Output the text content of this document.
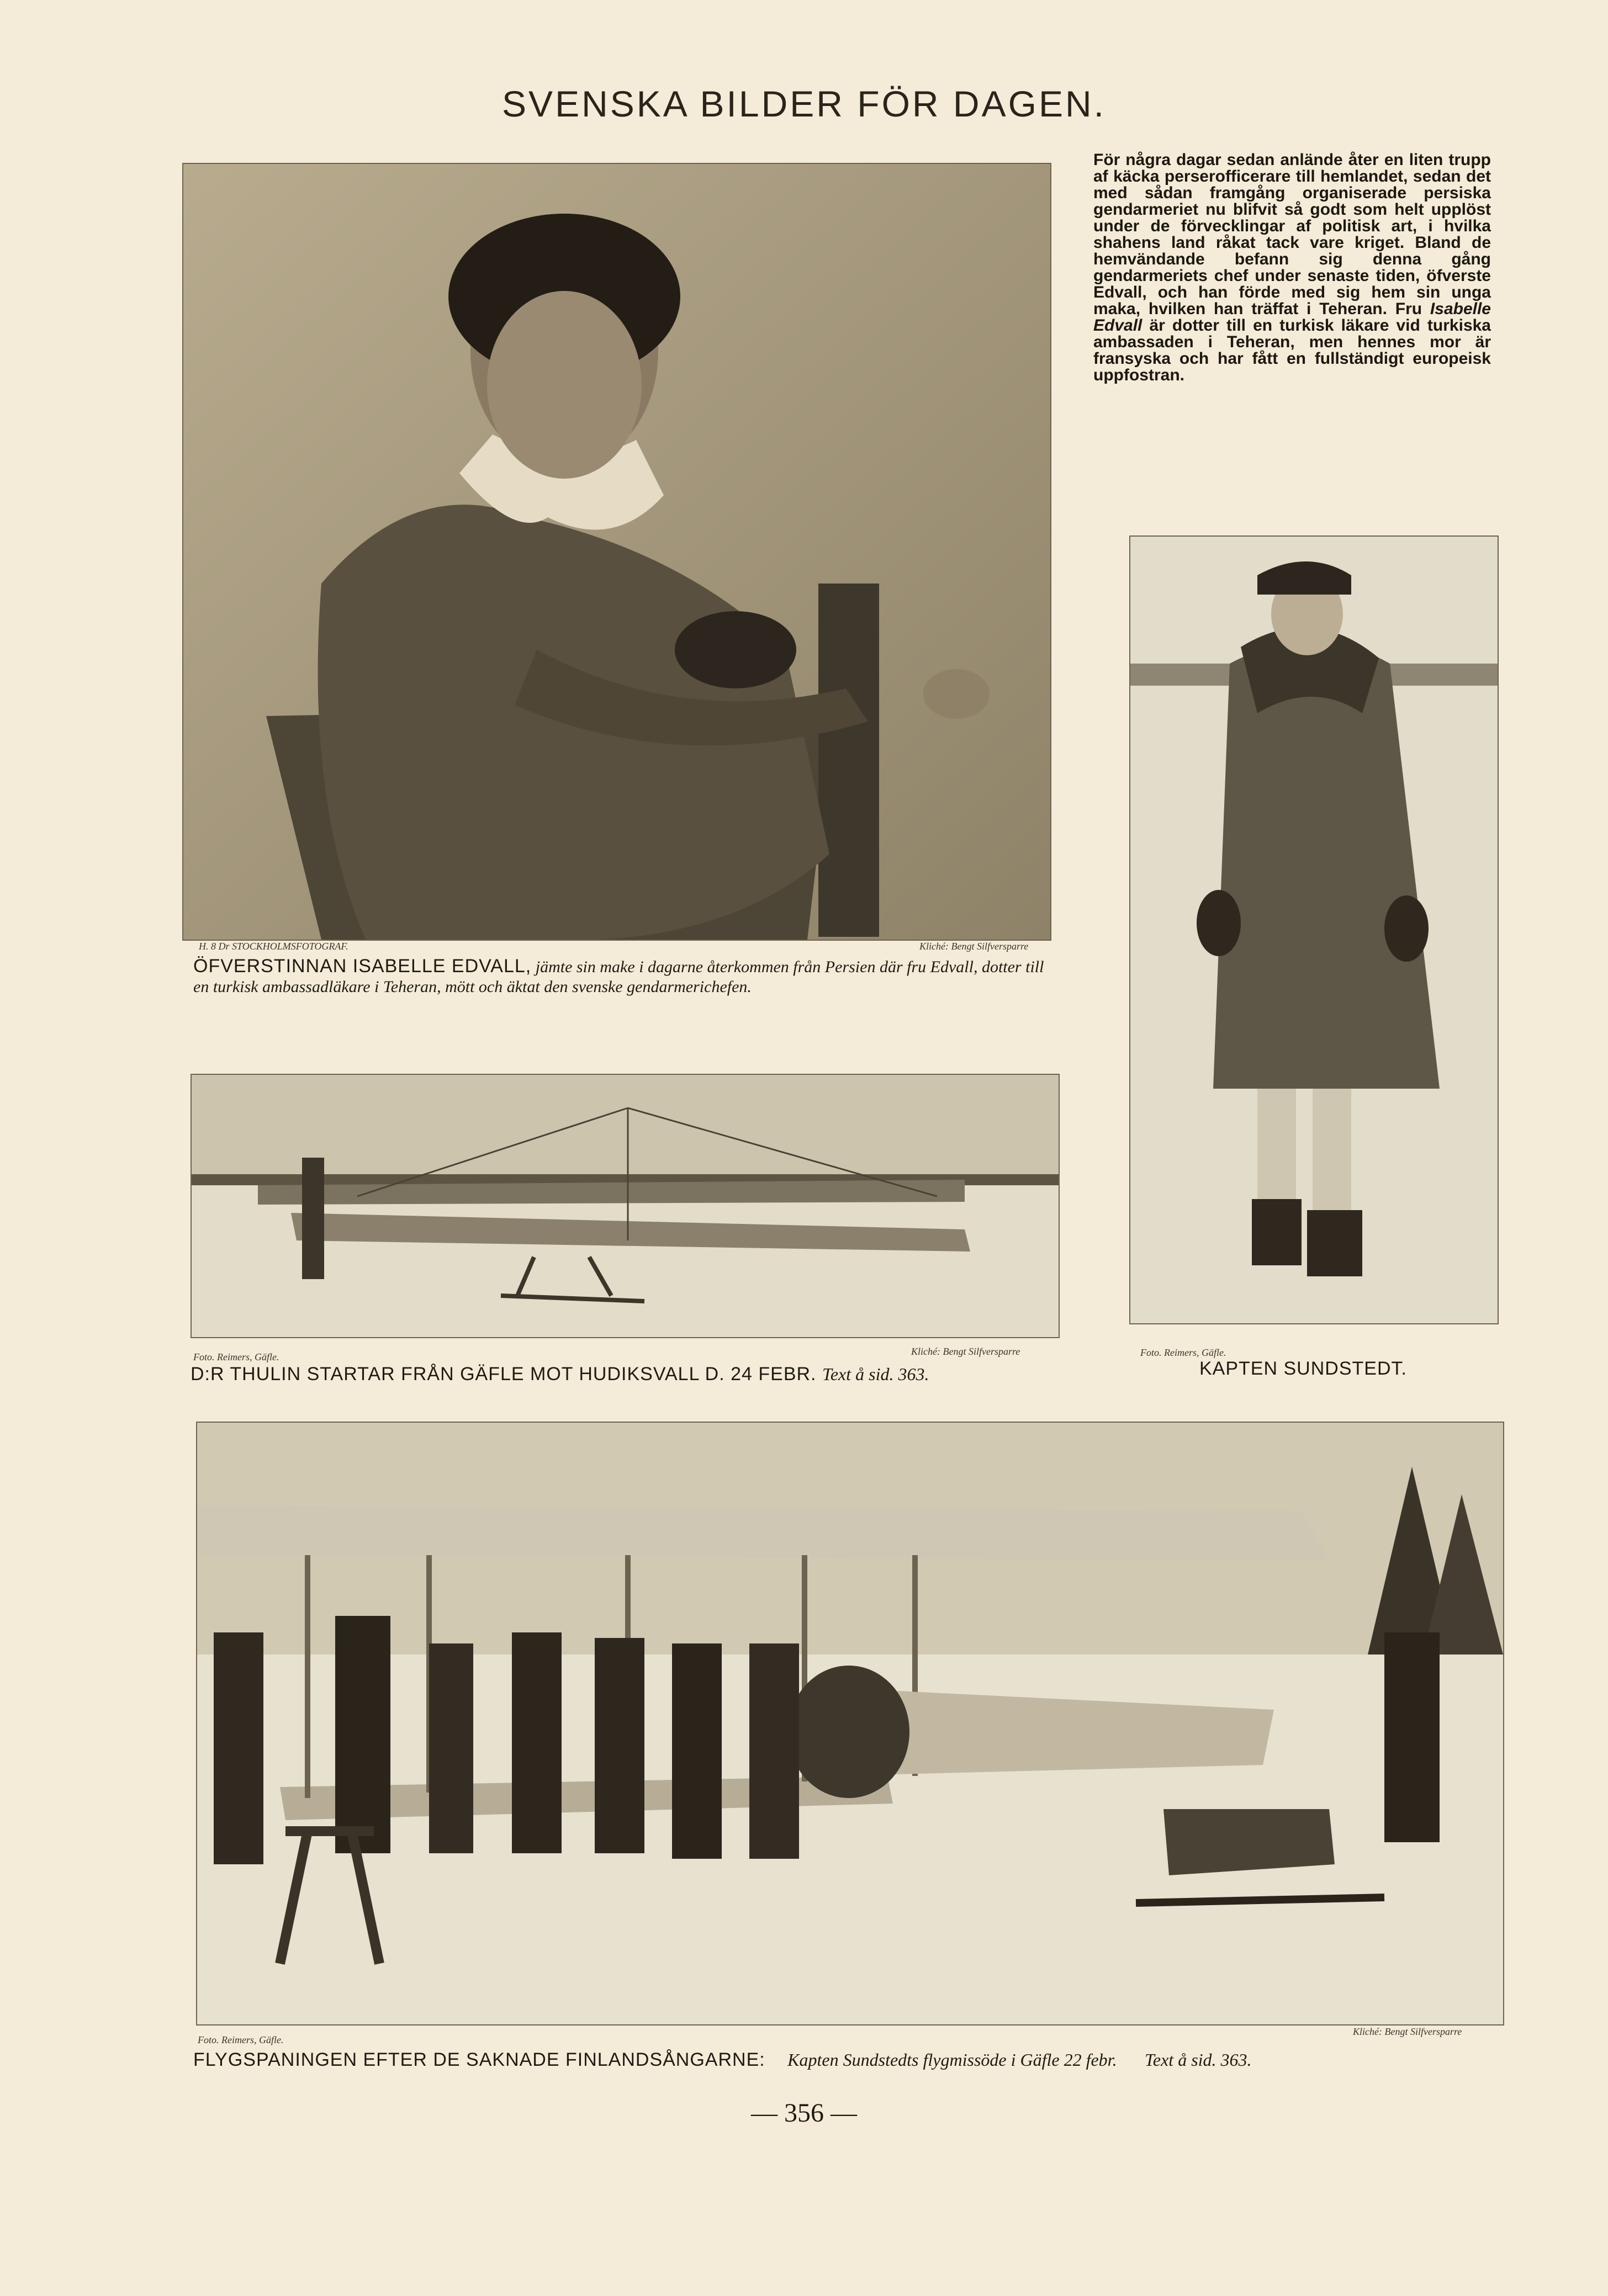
SVENSKA BILDER FÖR DAGEN.
För några dagar sedan anlände åter en liten trupp af käcka perserofficerare till hemlandet, sedan det med sådan framgång organiserade persiska gendarmeriet nu blifvit så godt som helt upplöst under de förvecklingar af politisk art, i hvilka shahens land råkat tack vare kriget. Bland de hemvändande befann sig denna gång gendarmeriets chef under senaste tiden, öfverste Edvall, och han förde med sig hem sin unga maka, hvilken han träffat i Teheran. Fru Isabelle Edvall är dotter till en turkisk läkare vid turkiska ambassaden i Teheran, men hennes mor är fransyska och har fått en fullständigt europeisk uppfostran.
H. 8 Dr STOCKHOLMSFOTOGRAF.	Kliché: Bengt Silfversparre
ÖFVERSTINNAN ISABELLE EDVALL, jämte sin make i dagarne återkommen från Persien där fru Edvall, dotter till en turkisk ambassadläkare i Teheran, mött och äktat den svenske gendarmerichefen.
Foto. Reimers, Gäfle.	Kliché: Bengt Silfversparre
D:R THULIN STARTAR FRÅN GÄFLE MOT HUDIKSVALL D. 24 FEBR. Text å sid. 363.
Foto. Reimers, Gäfle.
KAPTEN SUNDSTEDT.
Foto. Reimers, Gäfle.
Kliché: Bengt Silfversparre
FLYGSPANINGEN EFTER DE SAKNADE FINLANDSÅNGARNE: Kapten Sundstedts flygmissöde i Gäfle 22 febr. Text å sid. 363.
— 356 —
